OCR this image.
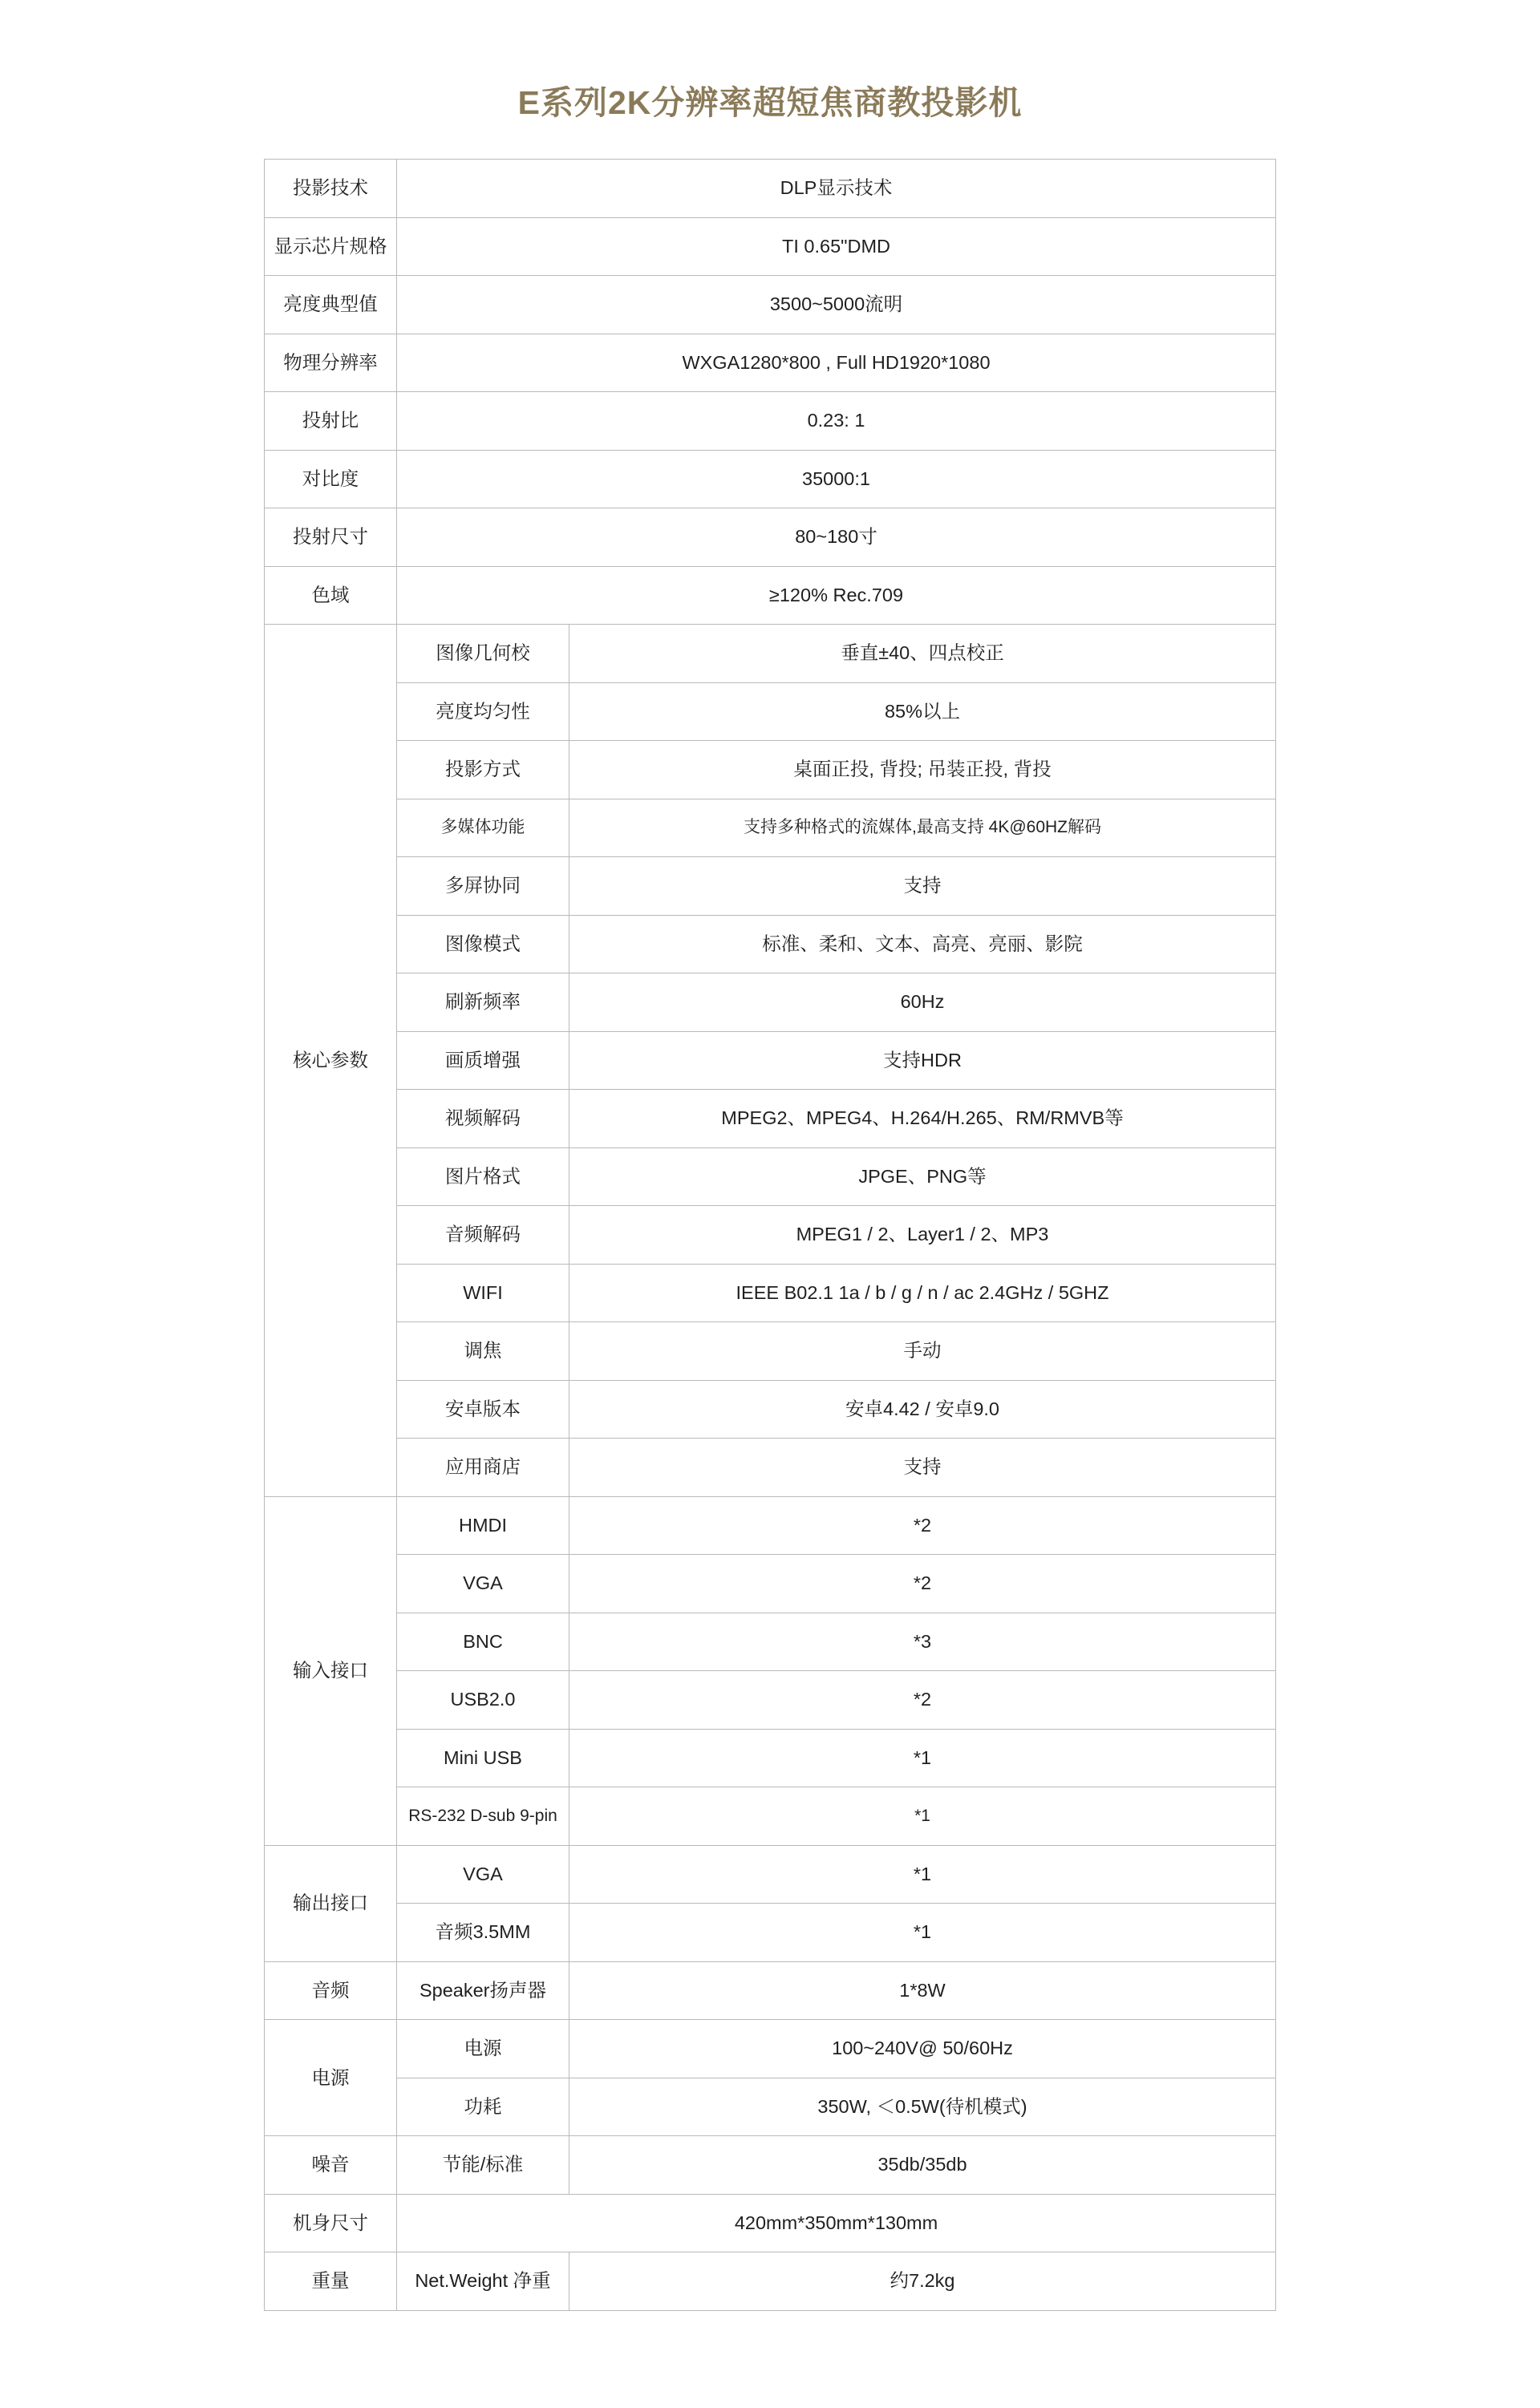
E系列2K分辨率超短焦商教投影机
投影技术	DLP显示技术	
显示芯片规格	TI 0.65"DMD	
亮度典型值	3500~5000流明	
物理分辨率	WXGA1280*800 , Full HD1920*1080	
投射比	0.23: 1	
对比度	35000:1	
投射尺寸	80~180寸	
色域	≥120% Rec.709	
核心参数	图像几何校	垂直±40、四点校正
	亮度均匀性	85%以上
	投影方式	桌面正投, 背投; 吊装正投, 背投
	多媒体功能	支持多种格式的流媒体,最高支持 4K@60HZ解码
	多屏协同	支持
	图像模式	标准、柔和、文本、高亮、亮丽、影院
	刷新频率	60Hz
	画质增强	支持HDR
	视频解码	MPEG2、MPEG4、H.264/H.265、RM/RMVB等
	图片格式	JPGE、PNG等
	音频解码	MPEG1 / 2、Layer1 / 2、MP3
	WIFI	IEEE B02.1 1a / b / g / n / ac 2.4GHz / 5GHZ
	调焦	手动
	安卓版本	安卓4.42 / 安卓9.0
	应用商店	支持
输入接口	HMDI	*2
	VGA	*2
	BNC	*3
	USB2.0	*2
	Mini USB	*1
	RS-232 D-sub 9-pin	*1
输出接口	VGA	*1
	音频3.5MM	*1
音频	Speaker扬声器	1*8W
电源	电源	100~240V@ 50/60Hz
	功耗	350W, ＜0.5W(待机模式)
噪音	节能/标准	35db/35db
机身尺寸	420mm*350mm*130mm	
重量	Net.Weight 净重	约7.2kg
